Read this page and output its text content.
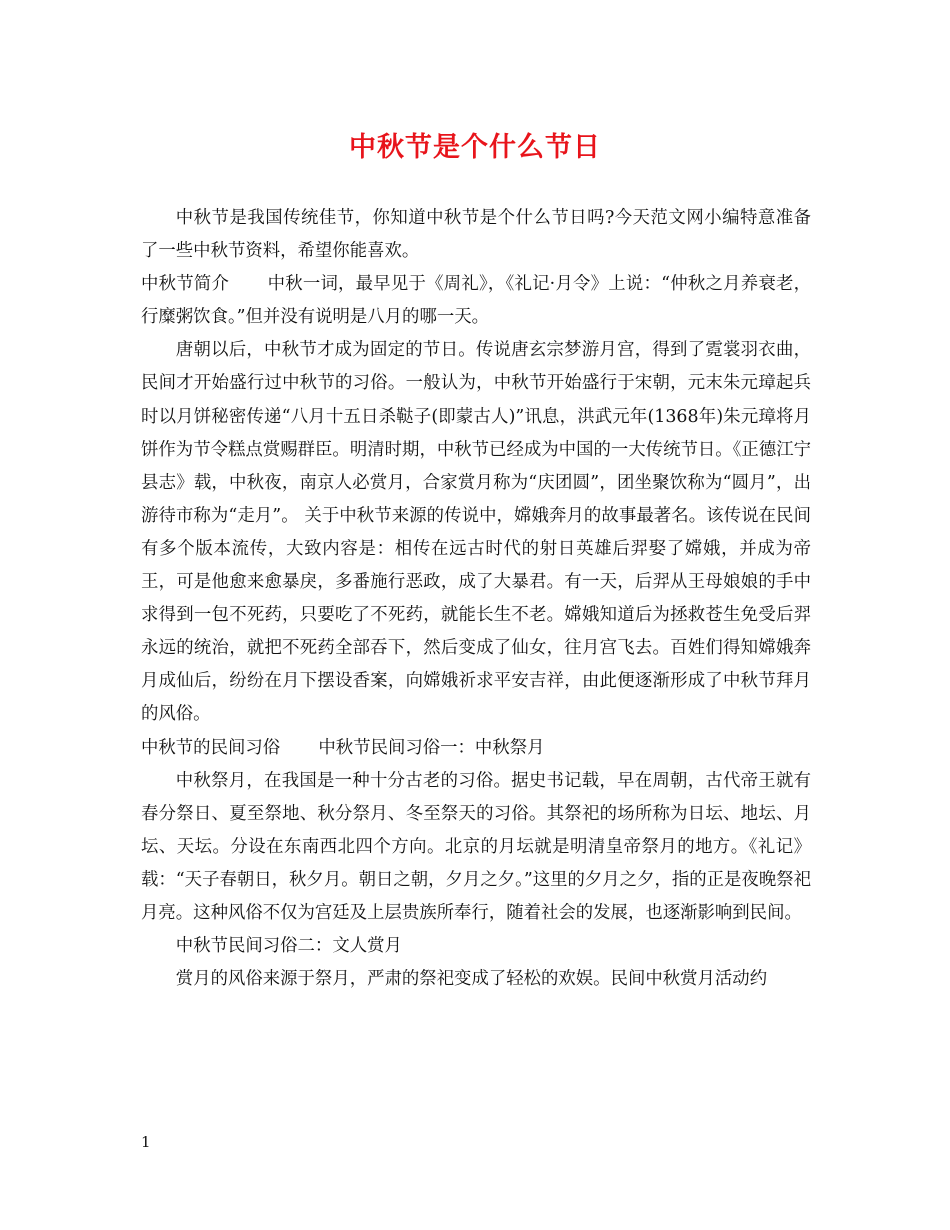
中秋节是个什么节日

中秋节是我国传统佳节，你知道中秋节是个什么节日吗?今天范文网小编特意准备了一些中秋节资料，希望你能喜欢。

中秋节简介 中秋一词，最早见于《周礼》，《礼记·月令》上说：“仲秋之月养衰老，行糜粥饮食。”但并没有说明是八月的哪一天。

唐朝以后，中秋节才成为固定的节日。传说唐玄宗梦游月宫，得到了霓裳羽衣曲，民间才开始盛行过中秋节的习俗。一般认为，中秋节开始盛行于宋朝，元末朱元璋起兵时以月饼秘密传递“八月十五日杀鞑子(即蒙古人)”讯息，洪武元年(1368年)朱元璋将月饼作为节令糕点赏赐群臣。明清时期，中秋节已经成为中国的一大传统节日。《正德江宁县志》载，中秋夜，南京人必赏月，合家赏月称为“庆团圆”，团坐聚饮称为“圆月”，出游待市称为“走月”。 关于中秋节来源的传说中，嫦娥奔月的故事最著名。该传说在民间有多个版本流传，大致内容是：相传在远古时代的射日英雄后羿娶了嫦娥，并成为帝王，可是他愈来愈暴戾，多番施行恶政，成了大暴君。有一天，后羿从王母娘娘的手中求得到一包不死药，只要吃了不死药，就能长生不老。嫦娥知道后为拯救苍生免受后羿永远的统治，就把不死药全部吞下，然后变成了仙女，往月宫飞去。百姓们得知嫦娥奔月成仙后，纷纷在月下摆设香案，向嫦娥祈求平安吉祥，由此便逐渐形成了中秋节拜月的风俗。

中秋节的民间习俗 中秋节民间习俗一：中秋祭月

中秋祭月，在我国是一种十分古老的习俗。据史书记载，早在周朝，古代帝王就有春分祭日、夏至祭地、秋分祭月、冬至祭天的习俗。其祭祀的场所称为日坛、地坛、月坛、天坛。分设在东南西北四个方向。北京的月坛就是明清皇帝祭月的地方。《礼记》载：“天子春朝日，秋夕月。朝日之朝，夕月之夕。”这里的夕月之夕，指的正是夜晚祭祀月亮。这种风俗不仅为宫廷及上层贵族所奉行，随着社会的发展，也逐渐影响到民间。

中秋节民间习俗二：文人赏月

赏月的风俗来源于祭月，严肃的祭祀变成了轻松的欢娱。民间中秋赏月活动约

1
